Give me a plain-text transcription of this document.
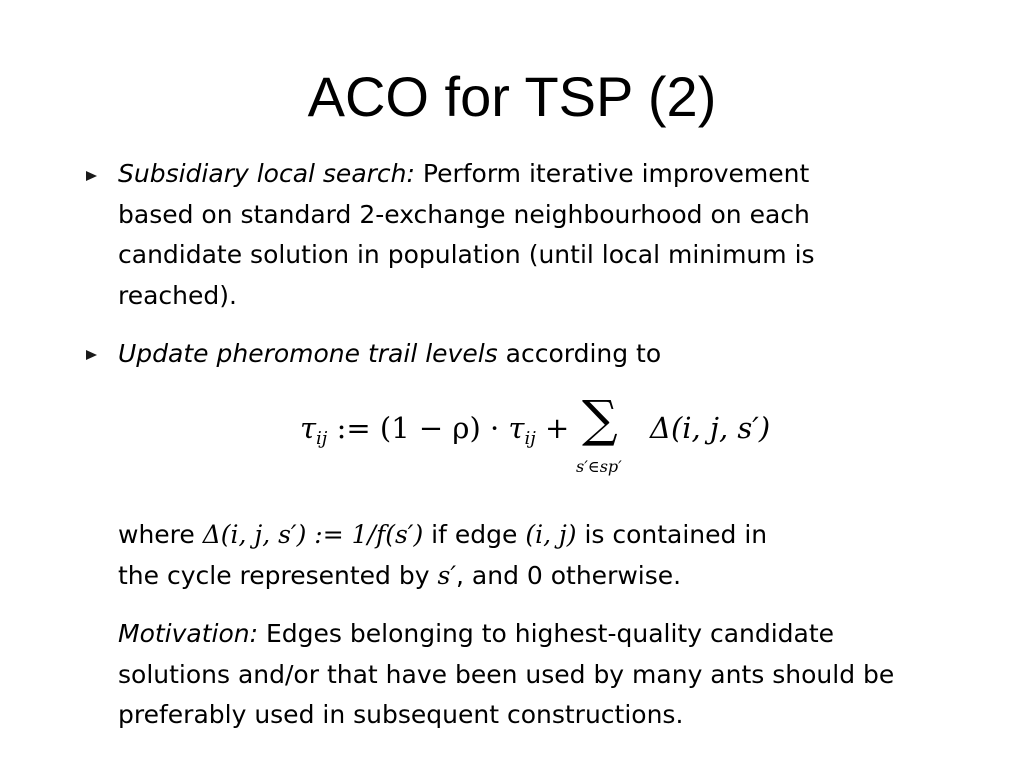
ACO for TSP (2)
Subsidiary local search: Perform iterative improvement
based on standard 2-exchange neighbourhood on each
candidate solution in population (until local minimum is
reached).
Update pheromone trail levels according to
$\tau_{ij}$ := $(1 - \rho) \cdot \tau_{ij}$ + ∑
s′∈sp′
Δ(i, j, s′)
where Δ(i, j, s′) := 1/f(s′) if edge (i, j) is contained in
the cycle represented by s′, and 0 otherwise.
Motivation: Edges belonging to highest-quality candidate
solutions and/or that have been used by many ants should be
preferably used in subsequent constructions.
